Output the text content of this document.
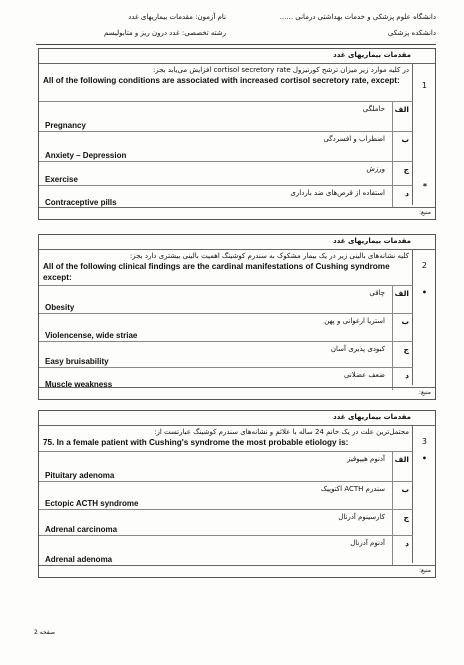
دانشگاه علوم پزشکی و خدمات بهداشتی درمانی ......
دانشکده پزشکی
نام آزمون: مقدمات بیماریهای غدد
رشته تخصصی: غدد درون ریز و متابولیسم
مقدمات بیماریهای غدد
1
در کلیه موارد زیر میزان ترشح کورتیزول cortisol secretory rate افزایش می‌یابد بجز:
All of the following conditions are associated with increased cortisol secretory rate, except:
الف
حاملگی
Pregnancy
ب
اضطراب و افسردگی
Anxiety – Depression
ج
ورزش
Exercise
د
استفاده از قرص‌های ضد بارداری
Contraceptive pills
*
منبع:
مقدمات بیماریهای غدد
2
کلیه نشانه‌های بالینی زیر در یک بیمار مشکوک به سندرم کوشینگ اهمیت بالینی بیشتری دارد بجز:
All of the following clinical findings are the cardinal manifestations of Cushing syndrome except:
الف
چاقی
Obesity
•
ب
استریا ارغوانی و پهن
Violencense, wide striae
ج
کبودی پذیری آسان
Easy bruisability
د
ضعف عضلانی
Muscle weakness
منبع:
مقدمات بیماریهای غدد
3
محتمل‌ترین علت در یک خانم 24 ساله با علائم و نشانه‌های سندرم کوشینگ عبارتست از:
75. In a female patient with Cushing's syndrome the most probable etiology is:
الف
آدنوم هیپوفیز
Pituitary adenoma
•
ب
سندرم ACTH اکتوپیک
Ectopic ACTH syndrome
ج
کارسینوم آدرنال
Adrenal carcinoma
د
آدنوم آدرنال
Adrenal adenoma
منبع:
صفحه 2
